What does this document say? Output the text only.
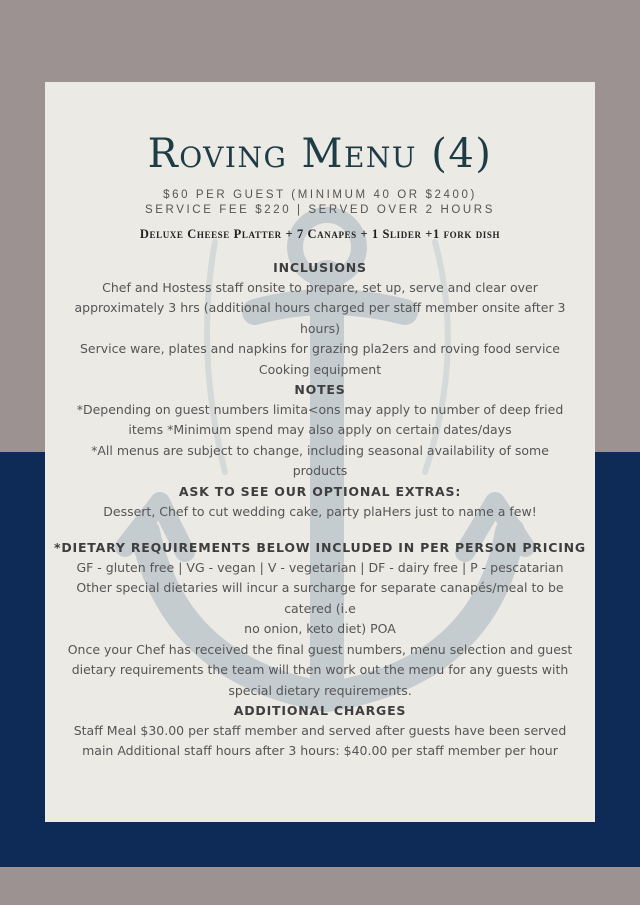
Roving Menu (4)
$60 PER GUEST (MINIMUM 40 OR $2400)
SERVICE FEE $220 | SERVED OVER 2 HOURS
Deluxe Cheese Platter + 7 Canapes + 1 Slider +1 fork dish
INCLUSIONS
Chef and Hostess staff onsite to prepare, set up, serve and clear over approximately 3 hrs (additional hours charged per staff member onsite after 3 hours)
Service ware, plates and napkins for grazing pla2ers and roving food service Cooking equipment
NOTES
*Depending on guest numbers limita<ons may apply to number of deep fried items *Minimum spend may also apply on certain dates/days
*All menus are subject to change, including seasonal availability of some products
ASK TO SEE OUR OPTIONAL EXTRAS:
Dessert, Chef to cut wedding cake, party plaHers just to name a few!
*DIETARY REQUIREMENTS BELOW INCLUDED IN PER PERSON PRICING
GF - gluten free | VG - vegan | V - vegetarian | DF - dairy free | P - pescatarian Other special dietaries will incur a surcharge for separate canapés/meal to be catered (i.e
no onion, keto diet) POA
Once your Chef has received the final guest numbers, menu selection and guest dietary requirements the team will then work out the menu for any guests with special dietary requirements.
ADDITIONAL CHARGES
Staff Meal $30.00 per staff member and served after guests have been served main Additional staff hours after 3 hours: $40.00 per staff member per hour
